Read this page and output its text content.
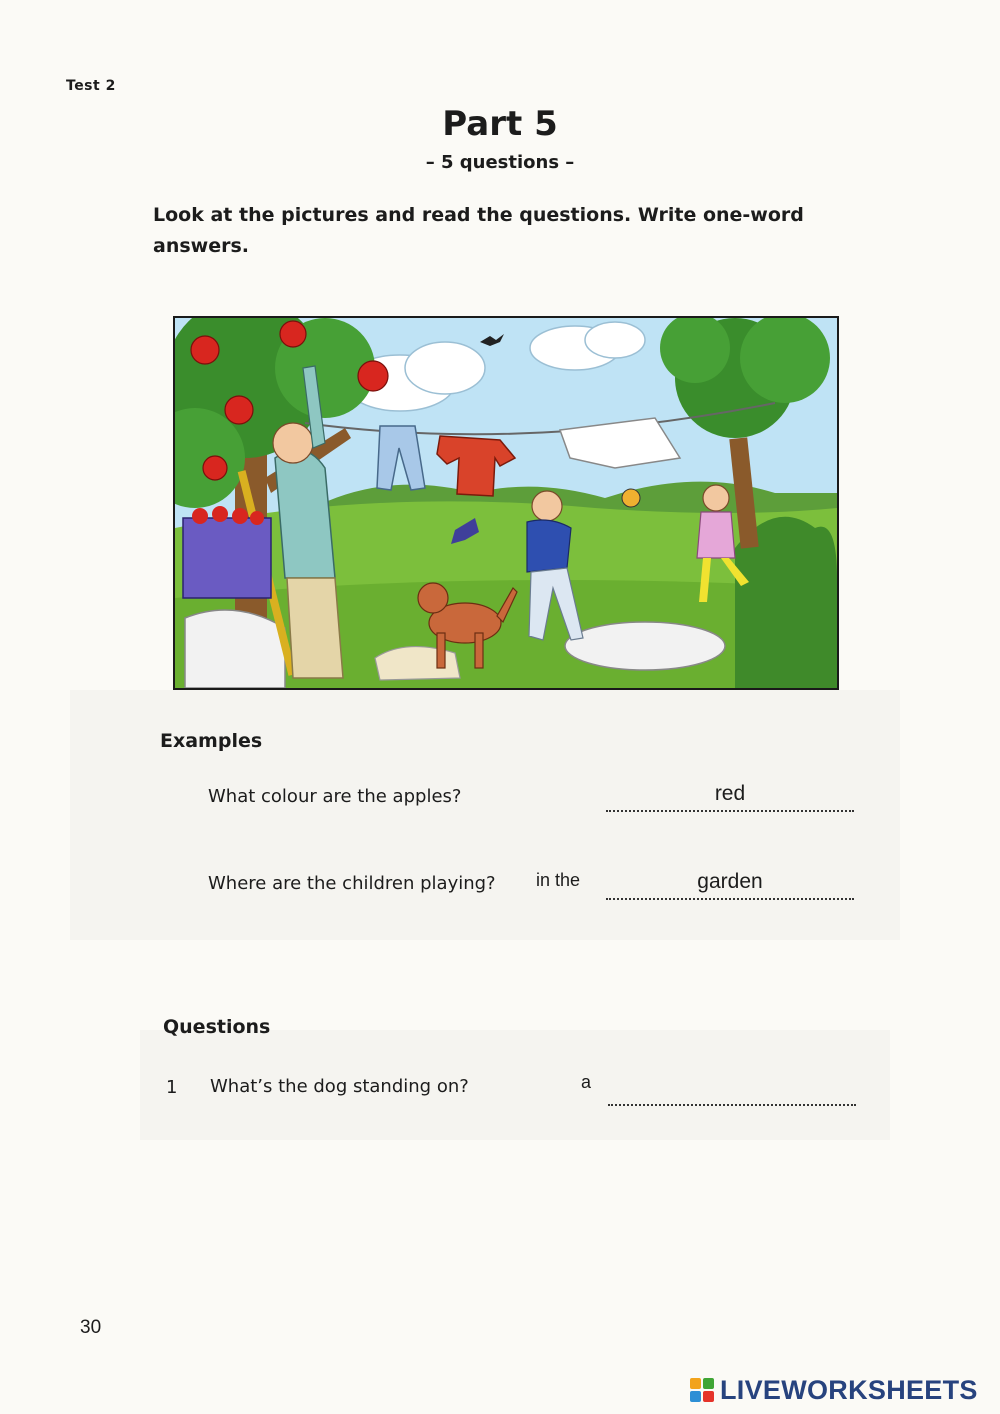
Test 2
Part 5
– 5 questions –
Look at the pictures and read the questions. Write one-word answers.
Examples
What colour are the apples?	red
Where are the children playing? in the	garden
Questions
1 What’s the dog standing on?	a
30
LIVEWORKSHEETS
